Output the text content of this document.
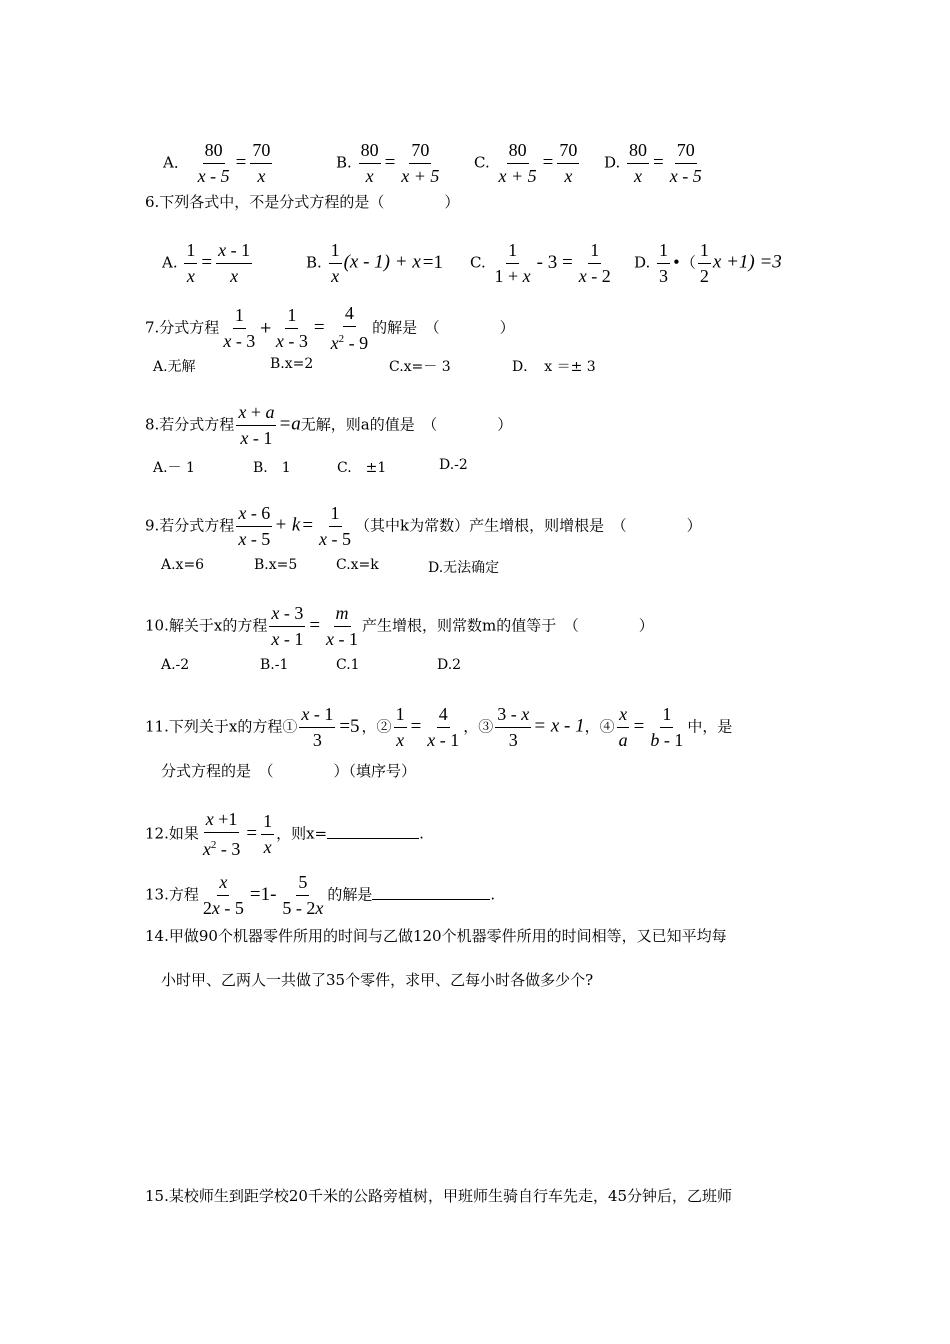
A． $\frac{80}{x - 5} = \frac{70}{x}$	B. $\frac{80}{x} = \frac{70}{x + 5} C$. $\frac{80}{x + 5} = \frac{70}{x} D$. $\frac{80}{x} = \frac{70}{x - 5}$
6.下列各式中，不是分式方程的是（　　　　）
A. $\frac{1}{x} = \frac{x - 1}{x}$	B. $\frac{1}{x} (x - 1) + x =1$ C. $\frac{1}{1 + x} - 3 = \frac{1}{x - 2} D$. $\frac{1}{3}$ •（ $\frac{1}{2}$ x +1) =3
7.分式方程 $\frac{1}{x - 3} + \frac{1}{x - 3} = \frac{4}{x^2 - 9}$ 的解是　（　　　　）
A.无解	B.x=2	C.x=－ 3	D．　x ＝± 3
8.若分式方程 $\frac{x + a}{x - 1} =a$无解，则a的值是　（　　　　）
A.－ 1	B.　1	C.　±1	D.-2
9.若分式方程 $\frac{x - 6}{x - 5} + k = \frac{1}{x - 5}$ （其中k为常数）产生增根，则增根是　（　　　　）
A.x=6	B.x=5	C.x=k	D.无法确定
10.解关于x的方程 $\frac{x - 3}{x - 1} = \frac{m}{x - 1}$ 产生增根，则常数m的值等于　（　　　　）
A.-2	B.-1	C.1	D.2
11.下列关于x的方程① $\frac{x - 1}{3} =5$ ，② $\frac{1}{x} = \frac{4}{x - 1}$ ，③ $\frac{3 - x}{3} = x - 1$，④ $\frac{x}{a} = \frac{1}{b - 1}$ 中，是
分式方程的是　（　　　　）（填序号）
12.如果 $\frac{x +1}{x^2 - 3} = \frac{1}{x}$ ，则x=	.
13.方程 $\frac{x}{2x - 5} =1- \frac{5}{5 - 2x}$ 的解是	.
14.甲做90个机器零件所用的时间与乙做120个机器零件所用的时间相等，又已知平均每
小时甲、乙两人一共做了35个零件，求甲、乙每小时各做多少个?
15.某校师生到距学校20千米的公路旁植树，甲班师生骑自行车先走，45分钟后，乙班师
